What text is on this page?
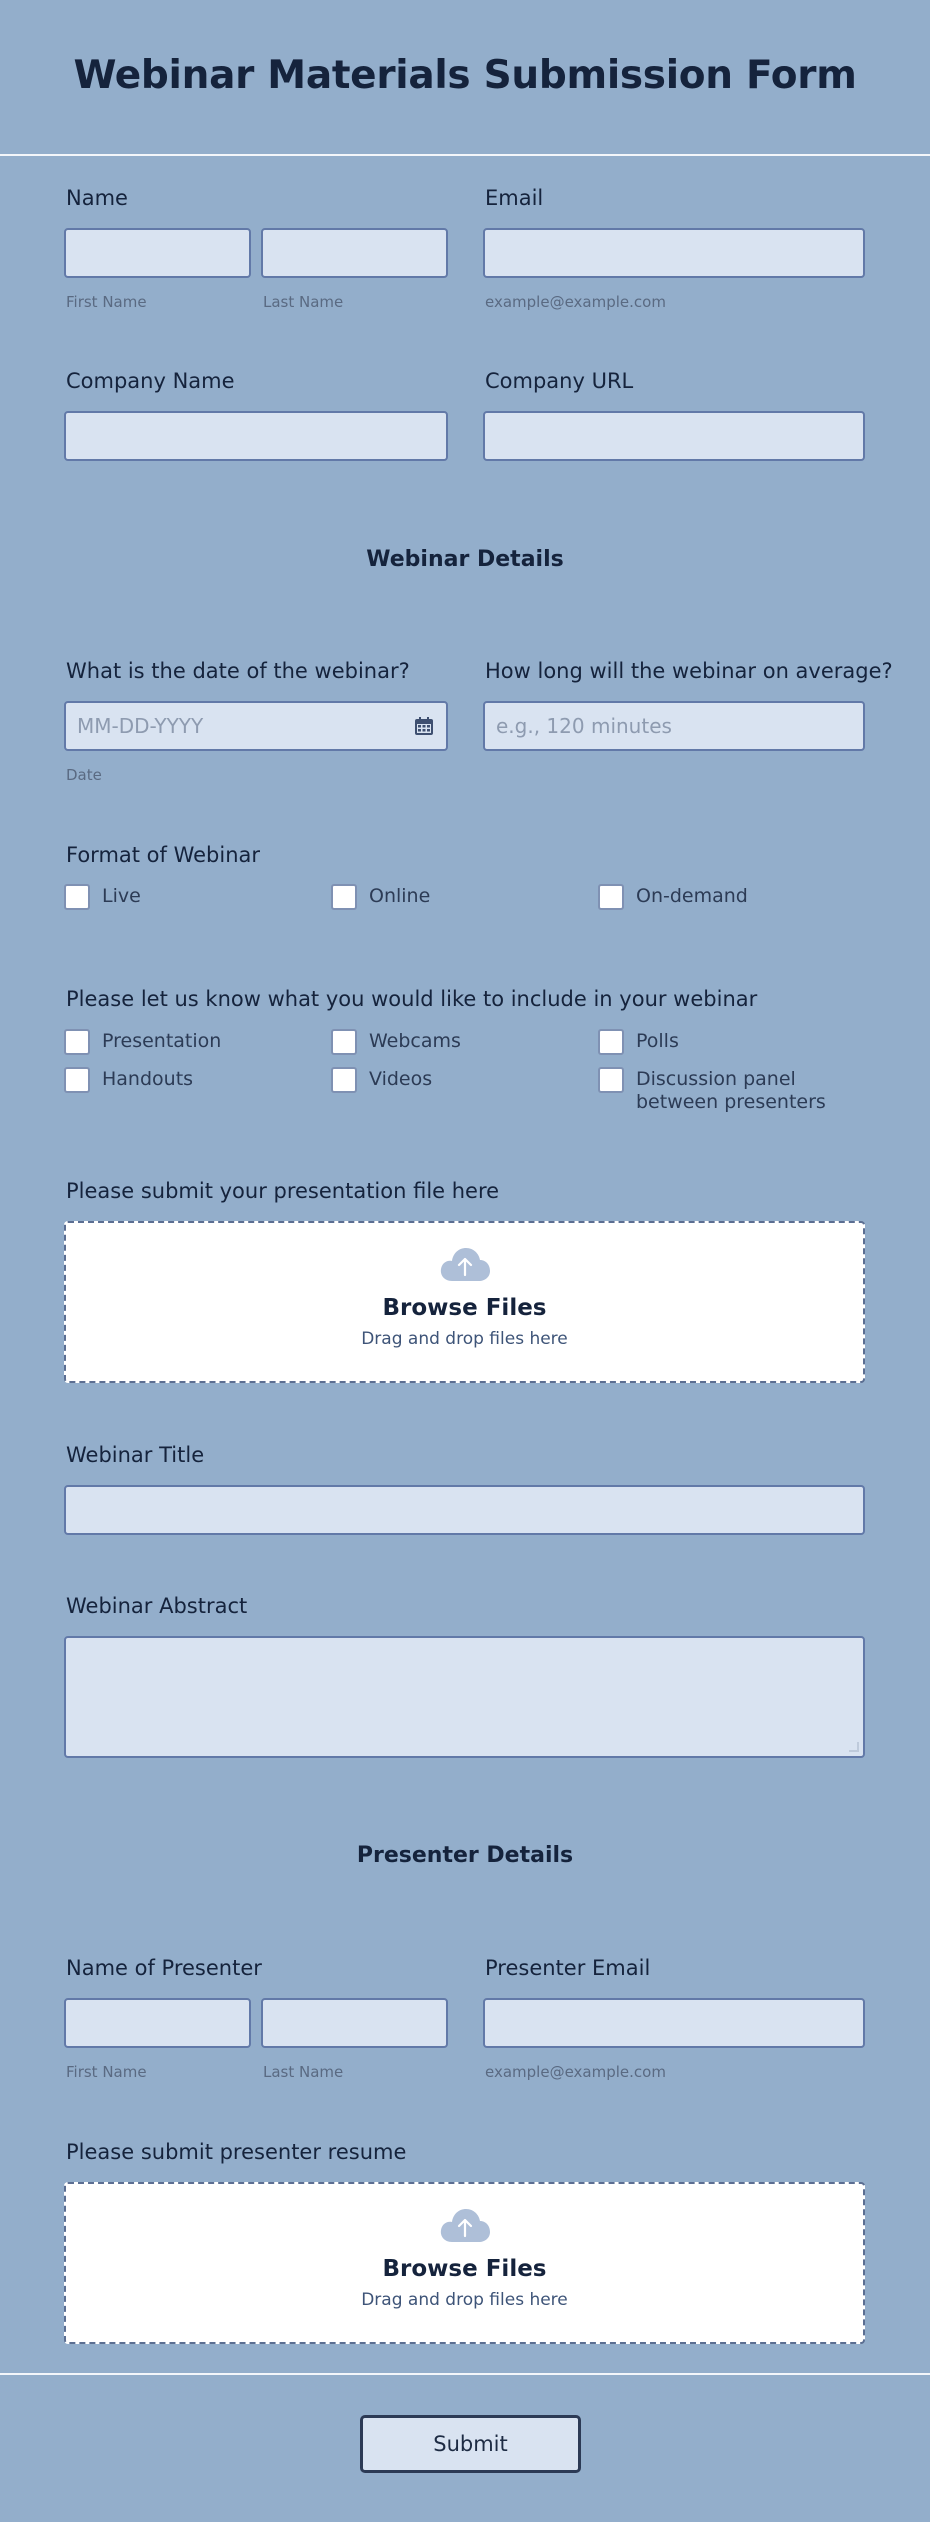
Webinar Materials Submission Form
Name
First Name	Last Name
Email
example@example.com
Company Name	Company URL
Webinar Details
What is the date of the webinar?
MM-DD-YYYY
Date
How long will the webinar on average?
e.g., 120 minutes
Format of Webinar
Live	Online	On-demand
Please let us know what you would like to include in your webinar
Presentation	Webcams	Polls
Handouts	Videos	Discussion panel
between presenters
Please submit your presentation file here
Browse Files
Drag and drop files here
Webinar Title
Webinar Abstract
Presenter Details
Name of Presenter
First Name	Last Name
Presenter Email
example@example.com
Please submit presenter resume
Browse Files
Drag and drop files here
Submit
